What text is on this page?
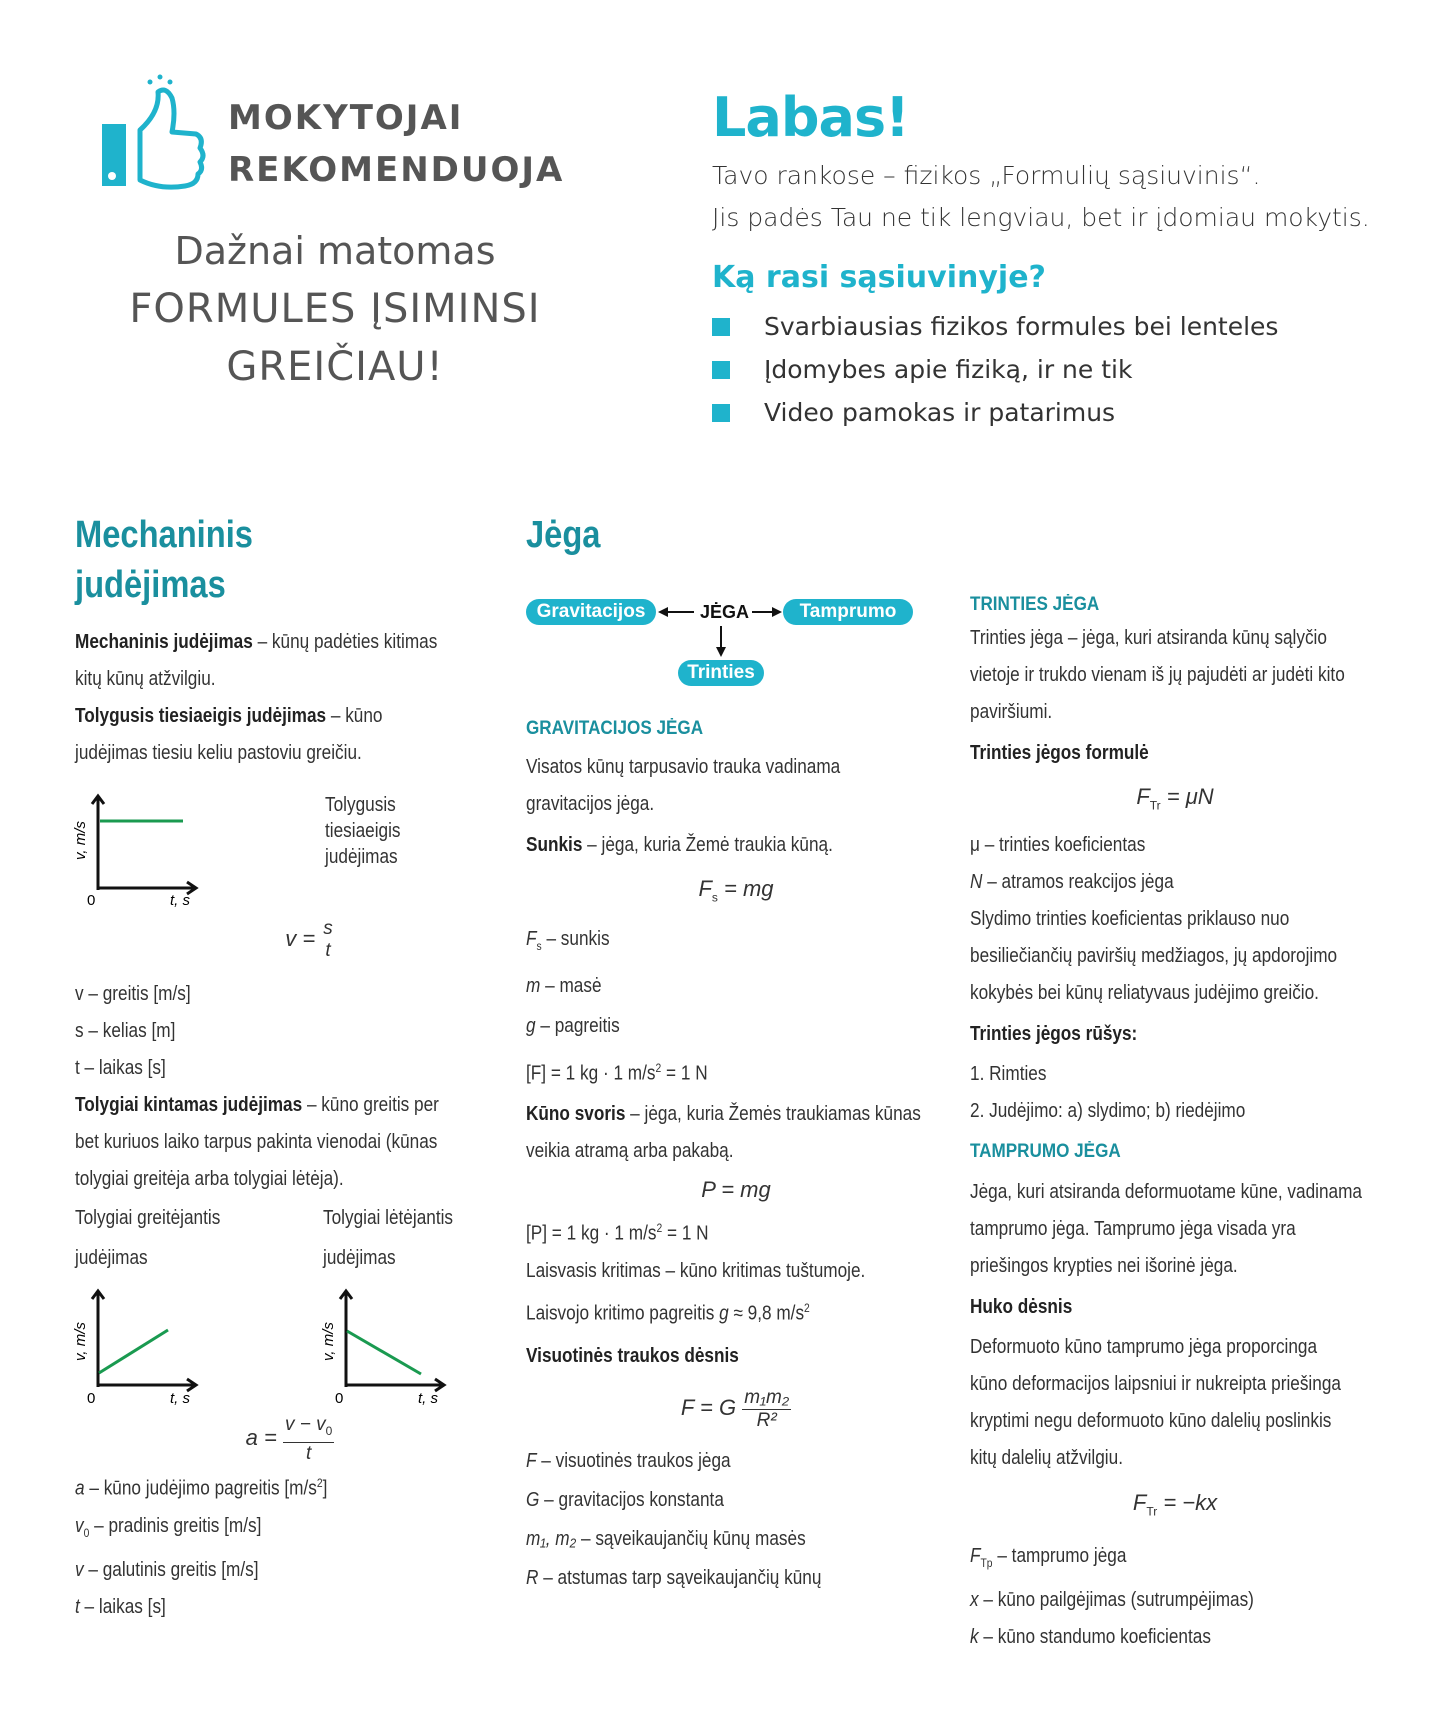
MOKYTOJAI
REKOMENDUOJA
Dažnai matomas
FORMULES ĮSIMINSI
GREIČIAU!
Labas!
Tavo rankose – fizikos „Formulių sąsiuvinis“.
Jis padės Tau ne tik lengviau, bet ir įdomiau mokytis.
Ką rasi sąsiuvinyje?
Svarbiausias fizikos formules bei lenteles
Įdomybes apie fiziką, ir ne tik
Video pamokas ir patarimus
Mechaninis
judėjimas
Mechaninis judėjimas – kūnų padėties kitimas
kitų kūnų atžvilgiu.
Tolygusis tiesiaeigis judėjimas – kūno
judėjimas tiesiu keliu pastoviu greičiu.
v, m/s
0	t, s
Tolygusis tiesiaeigis
judėjimas
v = s
t
v – greitis [m/s]
s – kelias [m]
t – laikas [s]
Tolygiai kintamas judėjimas – kūno greitis per
bet kuriuos laiko tarpus pakinta vienodai (kūnas
tolygiai greitėja arba tolygiai lėtėja).
Tolygiai greitėjantis
judėjimas
Tolygiai lėtėjantis
judėjimas
v, m/s
0	t, s
v, m/s
0	t, s
$a = \frac{v - v_0}{t}$
a – kūno judėjimo pagreitis $[m/s^2]$
$v_0$ – pradinis greitis [m/s]
v – galutinis greitis [m/s]
t – laikas [s]
Jėga
Gravitacijos	Tamprumo
Trinties
JĖGA
GRAVITACIJOS JĖGA
Visatos kūnų tarpusavio trauka vadinama
gravitacijos jėga.
Sunkis – jėga, kuria Žemė traukia kūną.
$F_s$ = mg
$F_s$ – sunkis
m – masė
g – pagreitis
[F] = 1 kg · 1 $m/s^2 = 1$ N
Kūno svoris – jėga, kuria Žemės traukiamas kūnas
veikia atramą arba pakabą.
P = mg
[P] = 1 kg · 1 $m/s^2 = 1$ N
Laisvasis kritimas – kūno kritimas tuštumoje.
Laisvojo kritimo pagreitis g ≈ 9,8 $m/s^2$
Visuotinės traukos dėsnis
F = G $\frac{\text{m₁m₂}}{\text{R²}}$
F – visuotinės traukos jėga
G – gravitacijos konstanta
m₁, m₂ – sąveikaujančių kūnų masės
R – atstumas tarp sąveikaujančių kūnų
TRINTIES JĖGA
Trinties jėga – jėga, kuri atsiranda kūnų sąlyčio
vietoje ir trukdo vienam iš jų pajudėti ar judėti kito
paviršiumi.
Trinties jėgos formulė
$F_{Tr} = \mu N$
μ – trinties koeficientas
N – atramos reakcijos jėga
Slydimo trinties koeficientas priklauso nuo
besiliečiančių paviršių medžiagos, jų apdorojimo
kokybės bei kūnų reliatyvaus judėjimo greičio.
Trinties jėgos rūšys:
1. Rimties
2. Judėjimo: a) slydimo; b) riedėjimo
TAMPRUMO JĖGA
Jėga, kuri atsiranda deformuotame kūne, vadinama
tamprumo jėga. Tamprumo jėga visada yra
priešingos krypties nei išorinė jėga.
Huko dėsnis
Deformuoto kūno tamprumo jėga proporcinga
kūno deformacijos laipsniui ir nukreipta priešinga
kryptimi negu deformuoto kūno dalelių poslinkis
kitų dalelių atžvilgiu.
$F_{Tr} = -kx$
$F_{Tp}$ – tamprumo jėga
x – kūno pailgėjimas (sutrumpėjimas)
k – kūno standumo koeficientas
